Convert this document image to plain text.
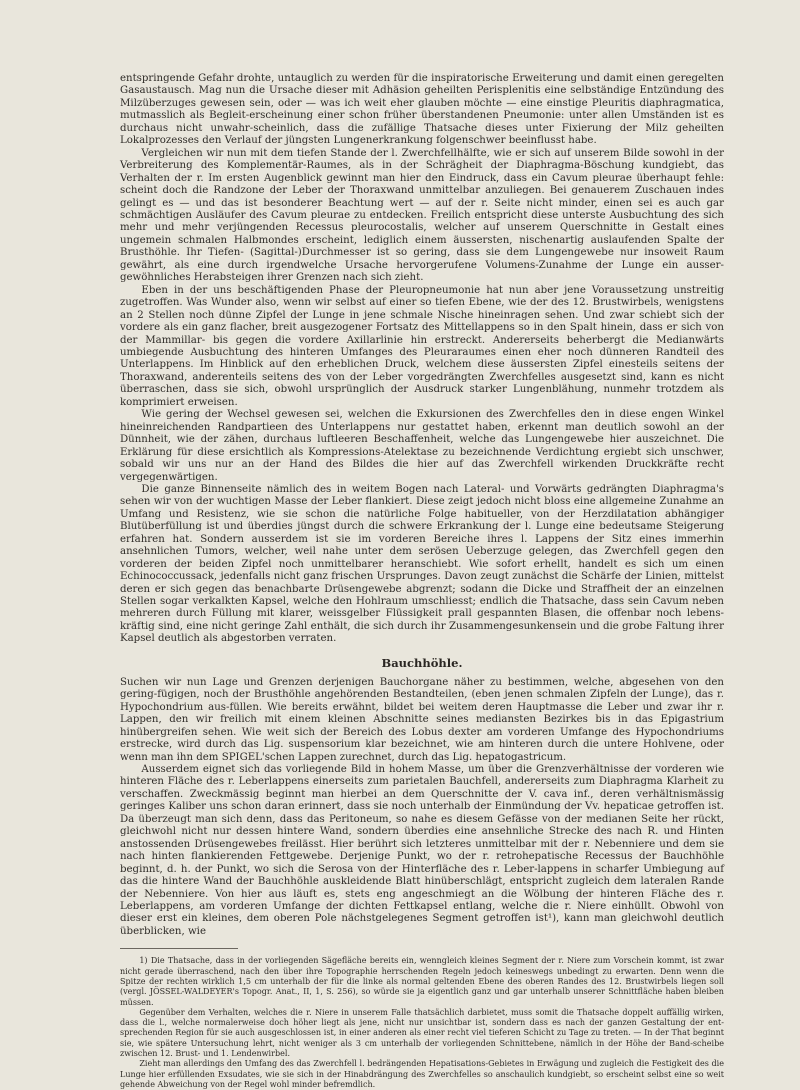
entspringende Gefahr drohte, untauglich zu werden für die inspiratorische Erweiterung und damit einen geregelten Gasaustausch. Mag nun die Ursache dieser mit Adhäsion geheilten Perisplenitis eine selbständige Entzündung des Milzüberzuges gewesen sein, oder — was ich weit eher glauben möchte — eine einstige Pleuritis diaphragmatica, mutmasslich als Begleit-erscheinung einer schon früher überstandenen Pneumonie: unter allen Umständen ist es durchaus nicht unwahr-scheinlich, dass die zufällige Thatsache dieses unter Fixierung der Milz geheilten Lokalprozesses den Verlauf der jüngsten Lungenerkrankung folgenschwer beeinflusst habe.

Vergleichen wir nun mit dem tiefen Stande der l. Zwerchfellhälfte, wie er sich auf unserem Bilde sowohl in der Verbreiterung des Komplementär-Raumes, als in der Schrägheit der Diaphragma-Böschung kundgiebt, das Verhalten der r. Im ersten Augenblick gewinnt man hier den Eindruck, dass ein Cavum pleurae überhaupt fehle: scheint doch die Randzone der Leber der Thoraxwand unmittelbar anzuliegen. Bei genauerem Zuschauen indes gelingt es — und das ist besonderer Beachtung wert — auf der r. Seite nicht minder, einen sei es auch gar schmächtigen Ausläufer des Cavum pleurae zu entdecken. Freilich entspricht diese unterste Ausbuchtung des sich mehr und mehr verjüngenden Recessus pleurocostalis, welcher auf unserem Querschnitte in Gestalt eines ungemein schmalen Halbmondes erscheint, lediglich einem äussersten, nischenartig auslaufenden Spalte der Brusthöhle. Ihr Tiefen- (Sagittal-)Durchmesser ist so gering, dass sie dem Lungengewebe nur insoweit Raum gewährt, als eine durch irgendwelche Ursache hervorgerufene Volumens-Zunahme der Lunge ein ausser-gewöhnliches Herabsteigen ihrer Grenzen nach sich zieht.

Eben in der uns beschäftigenden Phase der Pleuropneumonie hat nun aber jene Voraussetzung unstreitig zugetroffen. Was Wunder also, wenn wir selbst auf einer so tiefen Ebene, wie der des 12. Brustwirbels, wenigstens an 2 Stellen noch dünne Zipfel der Lunge in jene schmale Nische hineinragen sehen. Und zwar schiebt sich der vordere als ein ganz flacher, breit ausgezogener Fortsatz des Mittellappens so in den Spalt hinein, dass er sich von der Mammillar- bis gegen die vordere Axillarlinie hin erstreckt. Andererseits beherbergt die Medianwärts umbiegende Ausbuchtung des hinteren Umfanges des Pleuraraumes einen eher noch dünneren Randteil des Unterlappens. Im Hinblick auf den erheblichen Druck, welchem diese äussersten Zipfel einesteils seitens der Thoraxwand, anderenteils seitens des von der Leber vorgedrängten Zwerchfelles ausgesetzt sind, kann es nicht überraschen, dass sie sich, obwohl ursprünglich der Ausdruck starker Lungenblähung, nunmehr trotzdem als komprimiert erweisen.

Wie gering der Wechsel gewesen sei, welchen die Exkursionen des Zwerchfelles den in diese engen Winkel hineinreichenden Randpartieen des Unterlappens nur gestattet haben, erkennt man deutlich sowohl an der Dünnheit, wie der zähen, durchaus luftleeren Beschaffenheit, welche das Lungengewebe hier auszeichnet. Die Erklärung für diese ersichtlich als Kompressions-Atelektase zu bezeichnende Verdichtung ergiebt sich unschwer, sobald wir uns nur an der Hand des Bildes die hier auf das Zwerchfell wirkenden Druckkräfte recht vergegenwärtigen.

Die ganze Binnenseite nämlich des in weitem Bogen nach Lateral- und Vorwärts gedrängten Diaphragma's sehen wir von der wuchtigen Masse der Leber flankiert. Diese zeigt jedoch nicht bloss eine allgemeine Zunahme an Umfang und Resistenz, wie sie schon die natürliche Folge habitueller, von der Herzdilatation abhängiger Blutüberfüllung ist und überdies jüngst durch die schwere Erkrankung der l. Lunge eine bedeutsame Steigerung erfahren hat. Sondern ausserdem ist sie im vorderen Bereiche ihres l. Lappens der Sitz eines immerhin ansehnlichen Tumors, welcher, weil nahe unter dem serösen Ueberzuge gelegen, das Zwerchfell gegen den vorderen der beiden Zipfel noch unmittelbarer heranschiebt. Wie sofort erhellt, handelt es sich um einen Echinococcussack, jedenfalls nicht ganz frischen Ursprunges. Davon zeugt zunächst die Schärfe der Linien, mittelst deren er sich gegen das benachbarte Drüsengewebe abgrenzt; sodann die Dicke und Straffheit der an einzelnen Stellen sogar verkalkten Kapsel, welche den Hohlraum umschliesst; endlich die Thatsache, dass sein Cavum neben mehreren durch Füllung mit klarer, weissgelber Flüssigkeit prall gespannten Blasen, die offenbar noch lebens-kräftig sind, eine nicht geringe Zahl enthält, die sich durch ihr Zusammengesunkensein und die grobe Faltung ihrer Kapsel deutlich als abgestorben verraten.

Bauchhöhle.

Suchen wir nun Lage und Grenzen derjenigen Bauchorgane näher zu bestimmen, welche, abgesehen von den gering-fügigen, noch der Brusthöhle angehörenden Bestandteilen, (eben jenen schmalen Zipfeln der Lunge), das r. Hypochondrium aus-füllen. Wie bereits erwähnt, bildet bei weitem deren Hauptmasse die Leber und zwar ihr r. Lappen, den wir freilich mit einem kleinen Abschnitte seines mediansten Bezirkes bis in das Epigastrium hinübergreifen sehen. Wie weit sich der Bereich des Lobus dexter am vorderen Umfange des Hypochondriums erstrecke, wird durch das Lig. suspensorium klar bezeichnet, wie am hinteren durch die untere Hohlvene, oder wenn man ihn dem SPIGEL'schen Lappen zurechnet, durch das Lig. hepatogastricum.

Ausserdem eignet sich das vorliegende Bild in hohem Masse, um über die Grenzverhältnisse der vorderen wie hinteren Fläche des r. Leberlappens einerseits zum parietalen Bauchfell, andererseits zum Diaphragma Klarheit zu verschaffen. Zweckmässig beginnt man hierbei an dem Querschnitte der V. cava inf., deren verhältnismässig geringes Kaliber uns schon daran erinnert, dass sie noch unterhalb der Einmündung der Vv. hepaticae getroffen ist. Da überzeugt man sich denn, dass das Peritoneum, so nahe es diesem Gefässe von der medianen Seite her rückt, gleichwohl nicht nur dessen hintere Wand, sondern überdies eine ansehnliche Strecke des nach R. und Hinten anstossenden Drüsengewebes freilässt. Hier berührt sich letzteres unmittelbar mit der r. Nebenniere und dem sie nach hinten flankierenden Fettgewebe. Derjenige Punkt, wo der r. retrohepatische Recessus der Bauchhöhle beginnt, d. h. der Punkt, wo sich die Serosa von der Hinterfläche des r. Leber-lappens in scharfer Umbiegung auf das die hintere Wand der Bauchhöhle auskleidende Blatt hinüberschlägt, entspricht zugleich dem lateralen Rande der Nebenniere. Von hier aus läuft es, stets eng angeschmiegt an die Wölbung der hinteren Fläche des r. Leberlappens, am vorderen Umfange der dichten Fettkapsel entlang, welche die r. Niere einhüllt. Obwohl von dieser erst ein kleines, dem oberen Pole nächstgelegenes Segment getroffen ist¹), kann man gleichwohl deutlich überblicken, wie

1) Die Thatsache, dass in der vorliegenden Sägefläche bereits ein, wenngleich kleines Segment der r. Niere zum Vorschein kommt, ist zwar nicht gerade überraschend, nach den über ihre Topographie herrschenden Regeln jedoch keineswegs unbedingt zu erwarten. Denn wenn die Spitze der rechten wirklich 1,5 cm unterhalb der für die linke als normal geltenden Ebene des oberen Randes des 12. Brustwirbels liegen soll (vergl. JÖSSEL-WALDEYER's Topogr. Anat., II, 1, S. 256), so würde sie ja eigentlich ganz und gar unterhalb unserer Schnittfläche haben bleiben müssen.

Gegenüber dem Verhalten, welches die r. Niere in unserem Falle thatsächlich darbietet, muss somit die Thatsache doppelt auffällig wirken, dass die l., welche normalerweise doch höher liegt als jene, nicht nur unsichtbar ist, sondern dass es nach der ganzen Gestaltung der ent-sprechenden Region für sie auch ausgeschlossen ist, in einer anderen als einer recht viel tieferen Schicht zu Tage zu treten. — In der That beginnt sie, wie spätere Untersuchung lehrt, nicht weniger als 3 cm unterhalb der vorliegenden Schnittebene, nämlich in der Höhe der Band-scheibe zwischen 12. Brust- und 1. Lendenwirbel.

Zieht man allerdings den Umfang des das Zwerchfell l. bedrängenden Hepatisations-Gebietes in Erwägung und zugleich die Festigkeit des die Lunge hier erfüllenden Exsudates, wie sie sich in der Hinabdrängung des Zwerchfelles so anschaulich kundgiebt, so erscheint selbst eine so weit gehende Abweichung von der Regel wohl minder befremdlich.
